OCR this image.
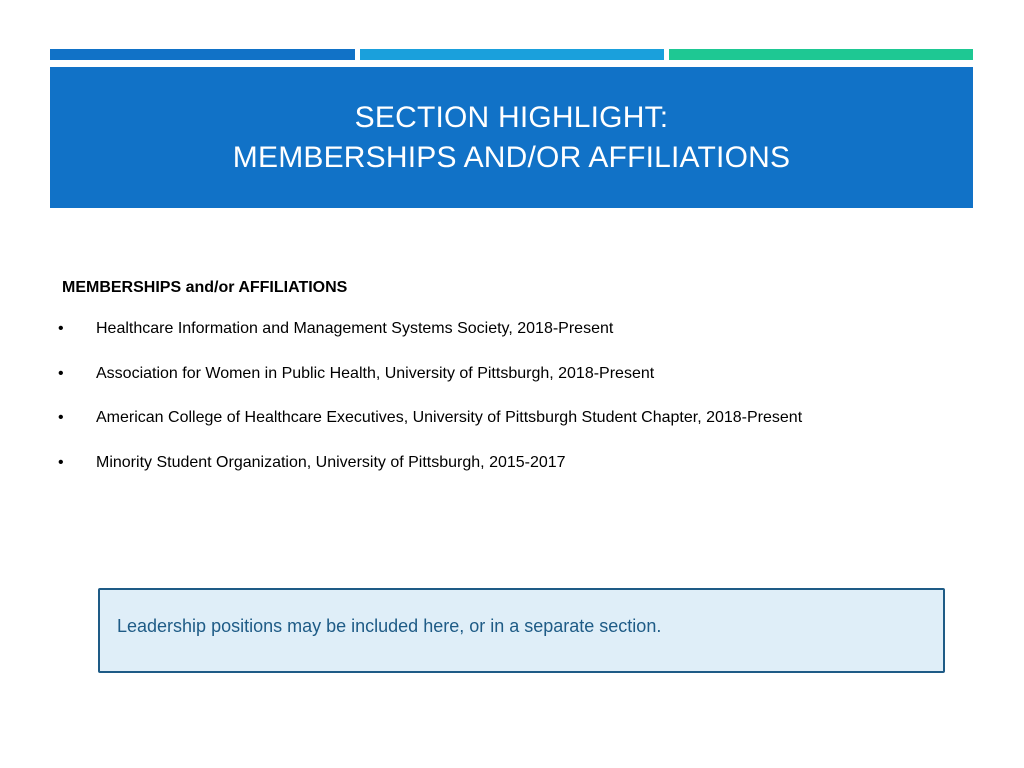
SECTION HIGHLIGHT:
MEMBERSHIPS AND/OR AFFILIATIONS
MEMBERSHIPS and/or AFFILIATIONS
•	Healthcare Information and Management Systems Society, 2018-Present
•	Association for Women in Public Health, University of Pittsburgh, 2018-Present
•	American College of Healthcare Executives, University of Pittsburgh Student Chapter, 2018-Present
•	Minority Student Organization, University of Pittsburgh, 2015-2017
Leadership positions may be included here, or in a separate section.
